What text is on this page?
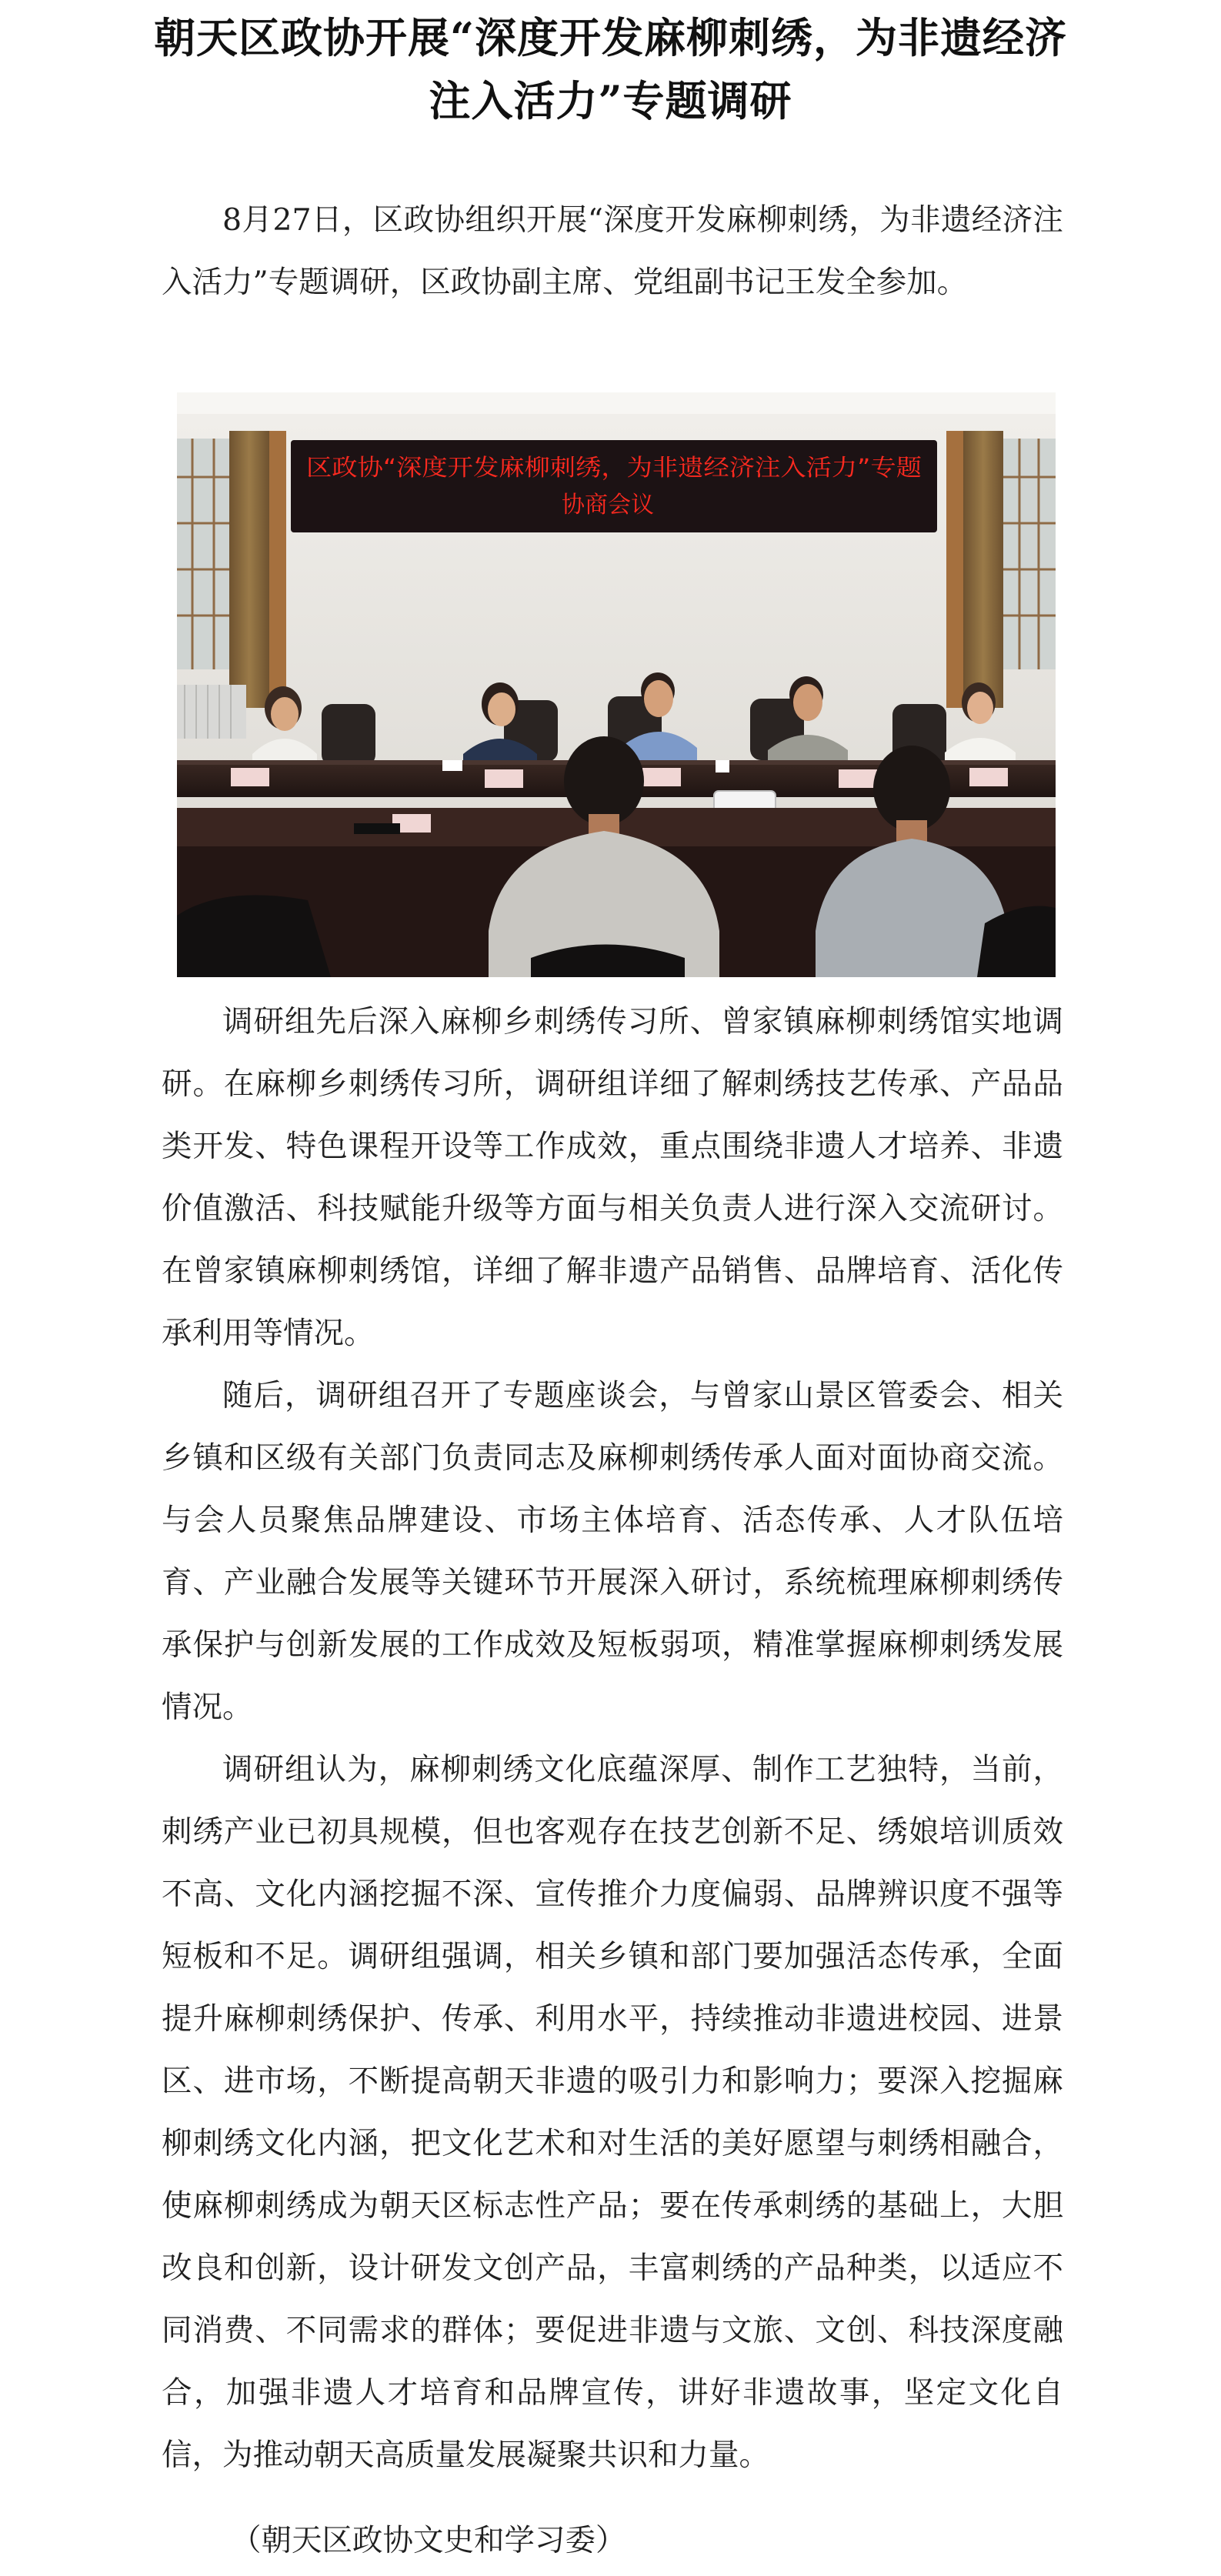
朝天区政协开展“深度开发麻柳刺绣，为非遗经济注入活力”专题调研

8月27日，区政协组织开展“深度开发麻柳刺绣，为非遗经济注入活力”专题调研，区政协副主席、党组副书记王发全参加。

区政协“深度开发麻柳刺绣，为非遗经济注入活力”专题
协商会议

调研组先后深入麻柳乡刺绣传习所、曾家镇麻柳刺绣馆实地调研。在麻柳乡刺绣传习所，调研组详细了解刺绣技艺传承、产品品类开发、特色课程开设等工作成效，重点围绕非遗人才培养、非遗价值激活、科技赋能升级等方面与相关负责人进行深入交流研讨。在曾家镇麻柳刺绣馆，详细了解非遗产品销售、品牌培育、活化传承利用等情况。

随后，调研组召开了专题座谈会，与曾家山景区管委会、相关乡镇和区级有关部门负责同志及麻柳刺绣传承人面对面协商交流。与会人员聚焦品牌建设、市场主体培育、活态传承、人才队伍培育、产业融合发展等关键环节开展深入研讨，系统梳理麻柳刺绣传承保护与创新发展的工作成效及短板弱项，精准掌握麻柳刺绣发展情况。

调研组认为，麻柳刺绣文化底蕴深厚、制作工艺独特，当前，刺绣产业已初具规模，但也客观存在技艺创新不足、绣娘培训质效不高、文化内涵挖掘不深、宣传推介力度偏弱、品牌辨识度不强等短板和不足。调研组强调，相关乡镇和部门要加强活态传承，全面提升麻柳刺绣保护、传承、利用水平，持续推动非遗进校园、进景区、进市场，不断提高朝天非遗的吸引力和影响力；要深入挖掘麻柳刺绣文化内涵，把文化艺术和对生活的美好愿望与刺绣相融合，使麻柳刺绣成为朝天区标志性产品；要在传承刺绣的基础上，大胆改良和创新，设计研发文创产品，丰富刺绣的产品种类，以适应不同消费、不同需求的群体；要促进非遗与文旅、文创、科技深度融合，加强非遗人才培育和品牌宣传，讲好非遗故事，坚定文化自信，为推动朝天高质量发展凝聚共识和力量。

（朝天区政协文史和学习委）
